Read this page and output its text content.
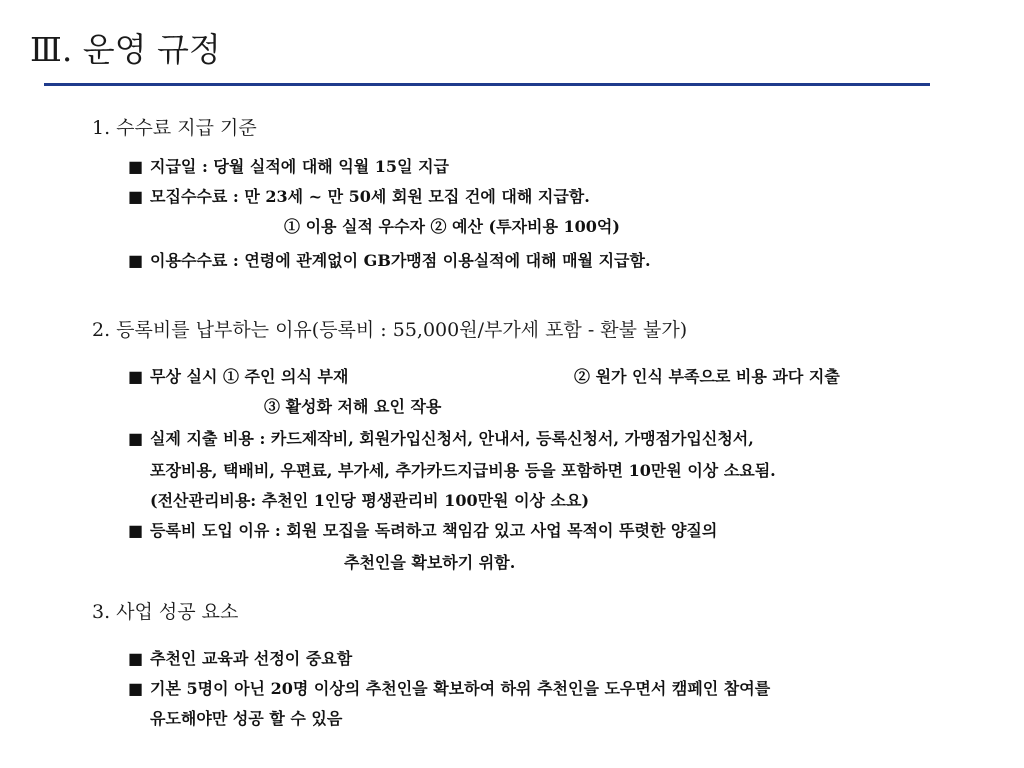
Ⅲ. 운영 규정
1. 수수료 지급 기준
■ 지급일 : 당월 실적에 대해 익월 15일 지급
■ 모집수수료 : 만 23세 ~ 만 50세 회원 모집 건에 대해 지급함.
① 이용 실적 우수자 ② 예산 (투자비용 100억)
■ 이용수수료 : 연령에 관계없이 GB가맹점 이용실적에 대해 매월 지급함.
2. 등록비를 납부하는 이유(등록비 : 55,000원/부가세 포함 - 환불 불가)
■ 무상 실시 ① 주인 의식 부재	② 원가 인식 부족으로 비용 과다 지출
③ 활성화 저해 요인 작용
■ 실제 지출 비용 : 카드제작비, 회원가입신청서, 안내서, 등록신청서, 가맹점가입신청서,
포장비용, 택배비, 우편료, 부가세, 추가카드지급비용 등을 포함하면 10만원 이상 소요됨.
(전산관리비용: 추천인 1인당 평생관리비 100만원 이상 소요)
■ 등록비 도입 이유 : 회원 모집을 독려하고 책임감 있고 사업 목적이 뚜렷한 양질의
추천인을 확보하기 위함.
3. 사업 성공 요소
■ 추천인 교육과 선정이 중요함
■ 기본 5명이 아닌 20명 이상의 추천인을 확보하여 하위 추천인을 도우면서 캠페인 참여를
유도해야만 성공 할 수 있음
